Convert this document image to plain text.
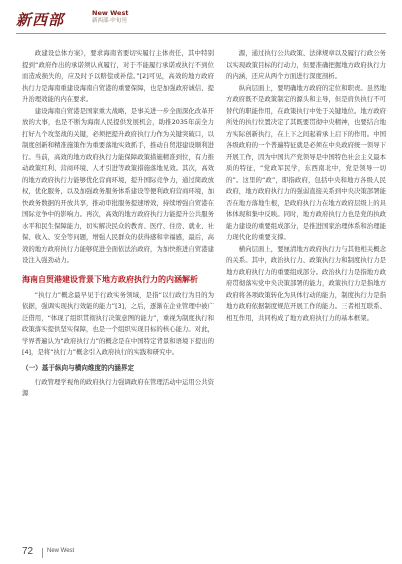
新西部	New West
新西部·中旬刊

政建设总体方案》，要求海南省要切实履行主体责任，其中特别提到“政府作出的承诺须认真履行，对于不能履行承诺或执行不到位而造成损失的，应及时予以赔偿或补偿。”[2]可见，高效的地方政府执行力是海南重建设海南自贸港的重要保障，也是加强政府诚信、提升治理效能的内在要求。

建设海南自贸港是国家重大战略，是事关进一步全面深化改革开放的大事，也是不断为海南人民提供发展机会，助推2035年前全力打好九个攻坚战的关键，必须把提升政府执行力作为关键突破口，以制度创新和精准施策作为重要落地实效抓手，推动自贸港建设顺利进行。当前，高效的地方政府执行力能保障政策措施精准到位，有力推动政策红利、营商环境、人才引进等政策措施落地见效。其次，高效的地方政府执行力能够优化营商环境，提升国际竞争力，通过简政放权，优化服务，以及加强政务服务体系建设等便利政府营商环境，加快政务数据的开放共享，推动审批服务提速增效，持续增强自贸港在国际竞争中的影响力。再次，高效的地方政府执行力能提升公共服务水平和民生保障能力，切实解决民众的教育、医疗、住房、就业、社保、收入、安全等问题，增强人民群众的获得感和幸福感，最后，高效的地方政府执行力能够促进全面依法治政府，为加快推进自贸港建设注入强劲动力。

海南自贸港建设背景下地方政府执行力的内涵解析

“执行力”概念最早见于行政实务领域，是指“以行政行为目的为依据，强调实现执行效能的能力”[3]，之后，逐渐在企业管理中被广泛借用，“体现了组织贯彻执行决策意图的能力”，重视为制度执行和政策落实提供坚实保障，也是一个组织实现目标的核心能力。对此，学界普遍认为“政府执行力”的概念是在中国特定背景和语境下提出的[4]，是将“执行力”概念引入政府执行的实践和研究中。

（一）基于纵向与横向维度的内涵界定

行政管理学视角的政府执行力强调政府在管理活动中运用公共资源

源，通过执行公共政策、法律规章以及履行行政公务以实现政策目标的行动力，但要准确把握地方政府执行力的内涵，还应从两个方面进行深度剖析。

纵向层面上，要明确地方政府的定位和职责。虽然地方政府既不是政策制定的源头和主导，但是肩负执行不可替代的职能作用，在政策执行中处于关键地位。地方政府所处的执行位置决定了其既要贯彻中央精神，也要结合地方实际创新执行，在上下之间起着承上启下的作用。中国各级政府的一个普遍特征就是必须在中央政府统一领导下开展工作，因为中国共产党领导是中国特色社会主义最本质的特征，“党政军民学，东西南北中，党是领导一切的”。这里的“政”，即指政府，包括中央和地方各级人民政府，地方政府执行力的强弱直接关系到中央决策部署能否在地方落地生根，是政府执行力在地方政府层级上的具体体现和集中反映。同时，地方政府执行力也是党的执政能力建设的重要组成部分，是推进国家治理体系和治理能力现代化的重要支撑。

横向层面上，要厘清地方政府执行力与其他相关概念的关系。其中，政治执行力、政策执行力和制度执行力是地方政府执行力的重要组成部分。政治执行力是指地方政府贯彻落实党中央决策部署的能力，政策执行力是指地方政府将各项政策转化为具体行动的能力，制度执行力是指地方政府依据制度规范开展工作的能力。三者相互联系、相互作用，共同构成了地方政府执行力的基本框架。

72 New West
